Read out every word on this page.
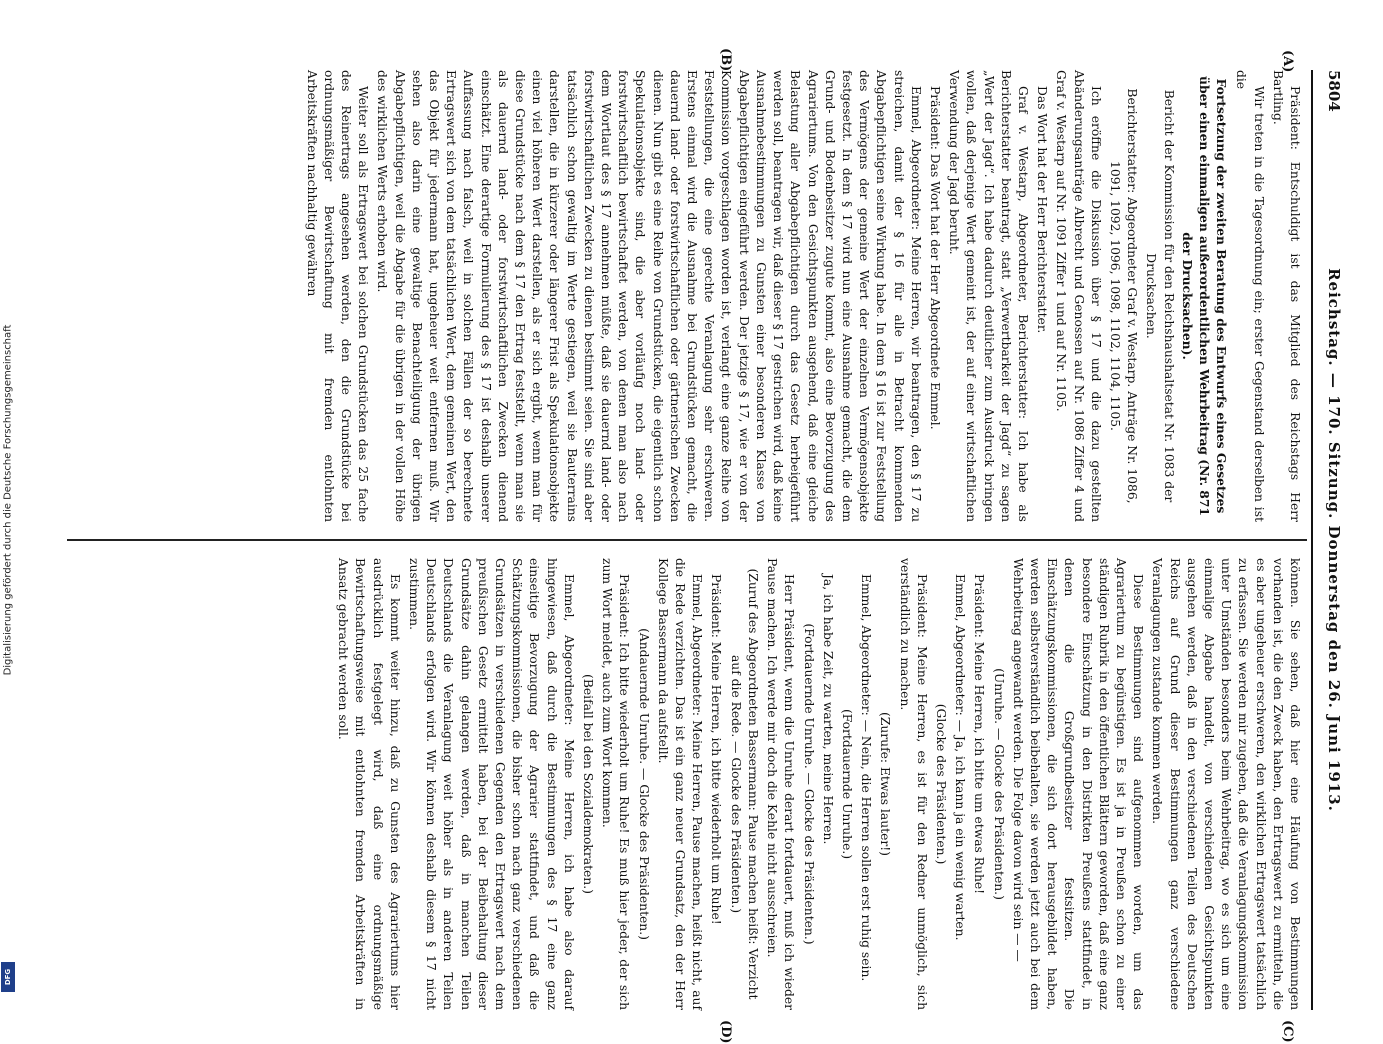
Digitalisierung gefördert durch die Deutsche Forschungsgemeinschaft
DFG
5804
Reichstag. — 170. Sitzung. Donnerstag den 26. Juni 1913.
(A)
(B)
(C)
(D)

Präsident: Entschuldigt ist das Mitglied des Reichstags Herr Bartling.

Wir treten in die Tagesordnung ein; erster Gegenstand derselben ist die

Fortsetzung der zweiten Beratung des Entwurfs eines Gesetzes über einen einmaligen außerordentlichen Wehrbeitrag (Nr. 871 der Drucksachen).

Bericht der Kommission für den Reichshaushaltsetat Nr. 1083 der Drucksachen.

Berichterstatter: Abgeordneter Graf v. Westarp. Anträge Nr. 1086, 1091, 1092, 1096, 1098, 1102, 1104, 1105.

Ich eröffne die Diskussion über § 17 und die dazu gestellten Abänderungsanträge Albrecht und Genossen auf Nr. 1086 Ziffer 4 und Graf v. Westarp auf Nr. 1091 Ziffer 1 und auf Nr. 1105.

Das Wort hat der Herr Berichterstatter.

Graf v. Westarp, Abgeordneter, Berichterstatter: Ich habe als Berichterstatter beantragt, statt „Verwertbarkeit der Jagd“ zu sagen „Wert der Jagd“. Ich habe dadurch deutlicher zum Ausdruck bringen wollen, daß derjenige Wert gemeint ist, der auf einer wirtschaftlichen Verwendung der Jagd beruht.

Präsident: Das Wort hat der Herr Abgeordnete Emmel.

Emmel, Abgeordneter: Meine Herren, wir beantragen, den § 17 zu streichen, damit der § 16 für alle in Betracht kommenden Abgabepflichtigen seine Wirkung habe. In dem § 16 ist zur Feststellung des Vermögens der gemeine Wert der einzelnen Vermögensobjekte festgesetzt. In dem § 17 wird nun eine Ausnahme gemacht, die dem Grund- und Bodenbesitzer zugute kommt, also eine Bevorzugung des Agrariertums. Von den Gesichtspunkten ausgehend, daß eine gleiche Belastung aller Abgabepflichtigen durch das Gesetz herbeigeführt werden soll, beantragen wir, daß dieser § 17 gestrichen wird, daß keine Ausnahmebestimmungen zu Gunsten einer besonderen Klasse von Abgabepflichtigen eingeführt werden. Der jetzige § 17, wie er von der Kommission vorgeschlagen worden ist, verlangt eine ganze Reihe von Feststellungen, die eine gerechte Veranlagung sehr erschweren. Erstens einmal wird die Ausnahme bei Grundstücken gemacht, die dauernd land- oder forstwirtschaftlichen oder gärtnerischen Zwecken dienen. Nun gibt es eine Reihe von Grundstücken, die eigentlich schon Spekulationsobjekte sind, die aber vorläufig noch land- oder forstwirtschaftlich bewirtschaftet werden, von denen man also nach dem Wortlaut des § 17 annehmen müßte, daß sie dauernd land- oder forstwirtschaftlichen Zwecken zu dienen bestimmt seien. Sie sind aber tatsächlich schon gewaltig im Werte gestiegen, weil sie Bauterrains darstellen, die in kürzerer oder längerer Frist als Spekulationsobjekte einen viel höheren Wert darstellen, als er sich ergibt, wenn man für diese Grundstücke nach dem § 17 den Ertrag feststellt, wenn man sie als dauernd land- oder forstwirtschaftlichen Zwecken dienend einschätzt. Eine derartige Formulierung des § 17 ist deshalb unserer Auffassung nach falsch, weil in solchen Fällen der so berechnete Ertragswert sich von dem tatsächlichen Wert, dem gemeinen Wert, den das Objekt für jedermann hat, ungeheuer weit entfernen muß. Wir sehen also darin eine gewaltige Benachteiligung der übrigen Abgabepflichtigen, weil die Abgabe für die übrigen in der vollen Höhe des wirklichen Werts erhoben wird.

Weiter soll als Ertragswert bei solchen Grundstücken das 25 fache des Reinertrags angesehen werden, den die Grundstücke bei ordnungsmäßiger Bewirtschaftung mit fremden entlohnten Arbeitskräften nachhaltig gewähren

können. Sie sehen, daß hier eine Häufung von Bestimmungen vorhanden ist, die den Zweck haben, den Ertragswert zu ermitteln, die es aber ungeheuer erschweren, den wirklichen Ertragswert tatsächlich zu erfassen. Sie werden mir zugeben, daß die Veranlagungskommission unter Umständen besonders beim Wehrbeitrag, wo es sich um eine einmalige Abgabe handelt, von verschiedenen Gesichtspunkten ausgehen werden, daß in den verschiedenen Teilen des Deutschen Reichs auf Grund dieser Bestimmungen ganz verschiedene Veranlagungen zustande kommen werden.

Diese Bestimmungen sind aufgenommen worden, um das Agrariertum zu begünstigen. Es ist ja in Preußen schon zu einer ständigen Rubrik in den öffentlichen Blättern geworden, daß eine ganz besondere Einschätzung in den Distrikten Preußens stattfindet, in denen die Großgrundbesitzer festsitzen. Die Einschätzungskommissionen, die sich dort herausgebildet haben, werden selbstverständlich beibehalten, sie werden jetzt auch bei dem Wehrbeitrag angewandt werden. Die Folge davon wird sein — —

(Unruhe. — Glocke des Präsidenten.)

Präsident: Meine Herren, ich bitte um etwas Ruhe!

Emmel, Abgeordneter: — Ja, ich kann ja ein wenig warten.

(Glocke des Präsidenten.)

Präsident: Meine Herren, es ist für den Redner unmöglich, sich verständlich zu machen.

(Zurufe: Etwas lauter!)

Emmel, Abgeordneter: — Nein, die Herren sollen erst ruhig sein.

(Fortdauernde Unruhe.)

Ja, ich habe Zeit, zu warten, meine Herren.

(Fortdauernde Unruhe. — Glocke des Präsidenten.)

Herr Präsident, wenn die Unruhe derart fortdauert, muß ich wieder Pause machen. Ich werde mir doch die Kehle nicht ausschreien.

(Zuruf des Abgeordneten Bassermann: Pause machen heißt: Verzicht auf die Rede. — Glocke des Präsidenten.)

Präsident: Meine Herren, ich bitte wiederholt um Ruhe!

Emmel, Abgeordneter: Meine Herren, Pause machen, heißt nicht, auf die Rede verzichten. Das ist ein ganz neuer Grundsatz, den der Herr Kollege Bassermann da aufstellt.

(Andauernde Unruhe. — Glocke des Präsidenten.)

Präsident: Ich bitte wiederholt um Ruhe! Es muß hier jeder, der sich zum Wort meldet, auch zum Wort kommen.

(Beifall bei den Sozialdemokraten.)

Emmel, Abgeordneter: Meine Herren, ich habe also darauf hingewiesen, daß durch die Bestimmungen des § 17 eine ganz einseitige Bevorzugung der Agrarier stattfindet, und daß die Schätzungskommissionen, die bisher schon nach ganz verschiedenen Grundsätzen in verschiedenen Gegenden den Ertragswert nach dem preußischen Gesetz ermittelt haben, bei der Beibehaltung dieser Grundsätze dahin gelangen werden, daß in manchen Teilen Deutschlands die Veranlagung weit höher als in anderen Teilen Deutschlands erfolgen wird. Wir können deshalb diesem § 17 nicht zustimmen.

Es kommt weiter hinzu, daß zu Gunsten des Agrariertums hier ausdrücklich festgelegt wird, daß eine ordnungsmäßige Bewirtschaftungsweise mit entlohnten fremden Arbeitskräften in Ansatz gebracht werden soll.
